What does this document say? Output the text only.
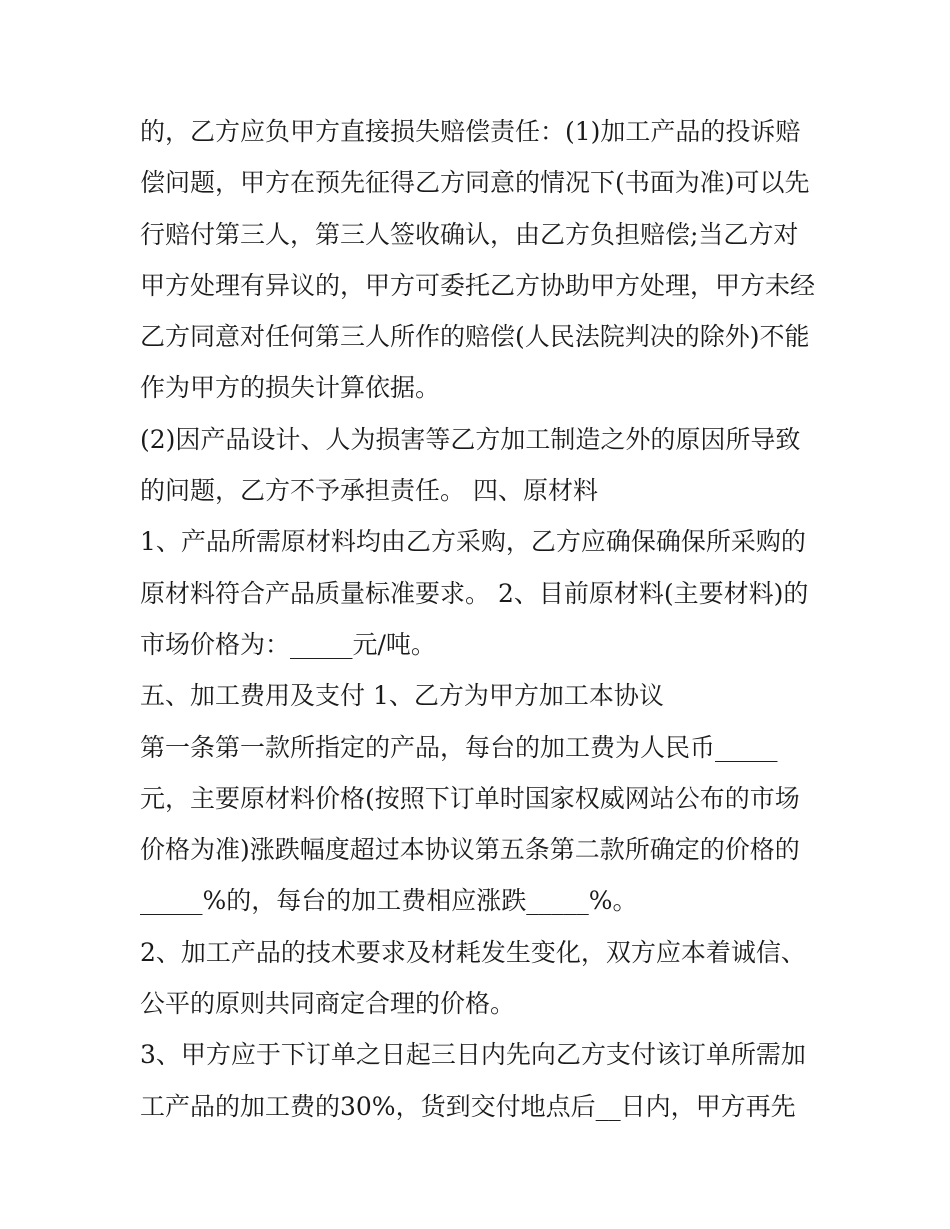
的，乙方应负甲方直接损失赔偿责任：(1)加工产品的投诉赔
偿问题，甲方在预先征得乙方同意的情况下(书面为准)可以先
行赔付第三人，第三人签收确认，由乙方负担赔偿;当乙方对
甲方处理有异议的，甲方可委托乙方协助甲方处理，甲方未经
乙方同意对任何第三人所作的赔偿(人民法院判决的除外)不能
作为甲方的损失计算依据。
(2)因产品设计、人为损害等乙方加工制造之外的原因所导致
的问题，乙方不予承担责任。 四、原材料
1、产品所需原材料均由乙方采购，乙方应确保确保所采购的
原材料符合产品质量标准要求。 2、目前原材料(主要材料)的
市场价格为：_____元/吨。
五、加工费用及支付 1、乙方为甲方加工本协议
第一条第一款所指定的产品，每台的加工费为人民币_____
元，主要原材料价格(按照下订单时国家权威网站公布的市场
价格为准)涨跌幅度超过本协议第五条第二款所确定的价格的
_____%的，每台的加工费相应涨跌_____%。
2、加工产品的技术要求及材耗发生变化，双方应本着诚信、
公平的原则共同商定合理的价格。
3、甲方应于下订单之日起三日内先向乙方支付该订单所需加
工产品的加工费的30%，货到交付地点后__日内，甲方再先
